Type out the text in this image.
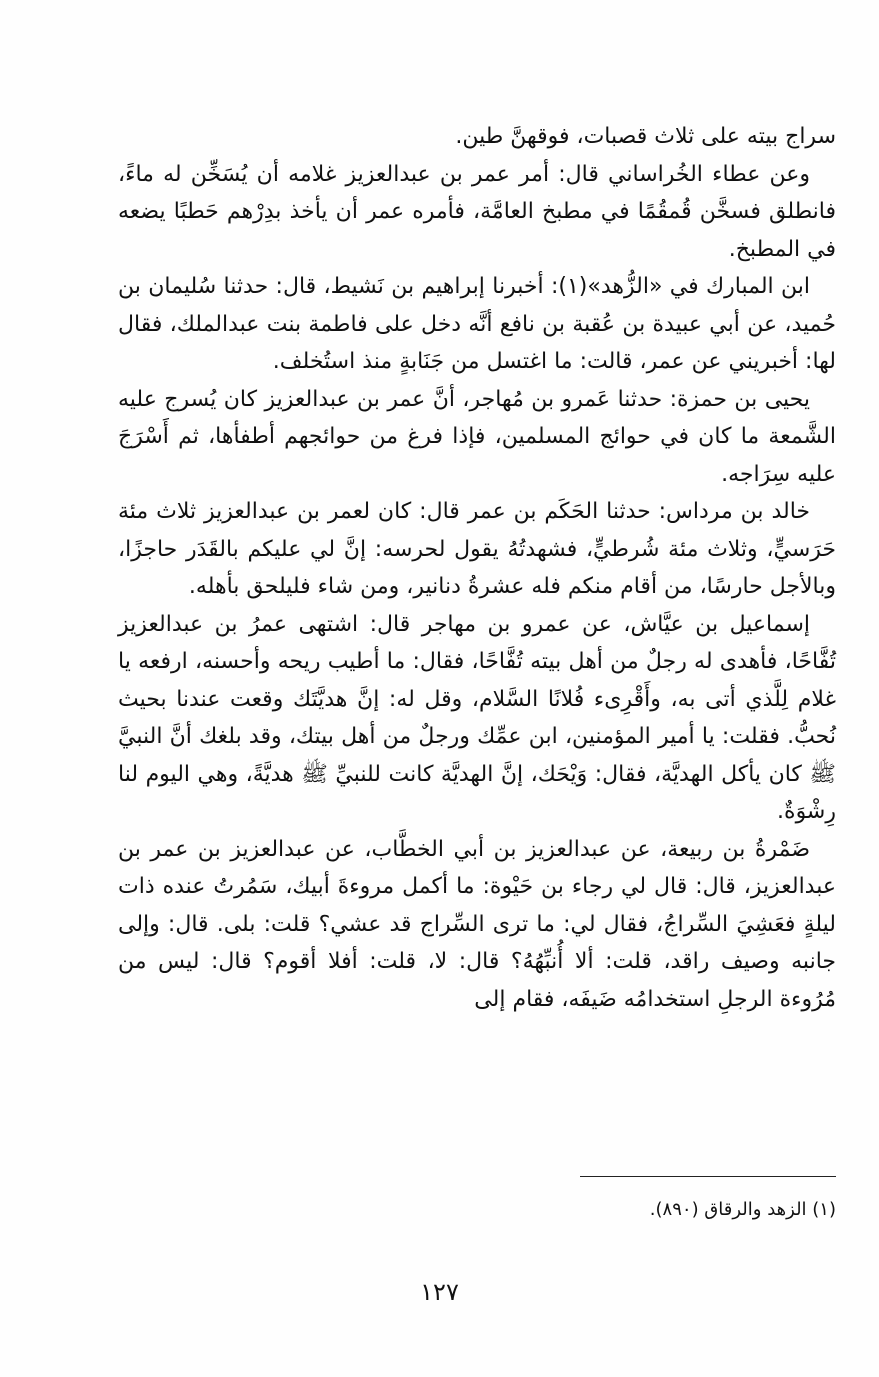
سراج بيته على ثلاث قصبات، فوقهنَّ طين.

وعن عطاء الخُراساني قال: أمر عمر بن عبدالعزيز غلامه أن يُسَخِّن له ماءً، فانطلق فسخَّن قُمقُمًا في مطبخ العامَّة، فأمره عمر أن يأخذ بدِرْهم حَطبًا يضعه في المطبخ.

ابن المبارك في «الزُّهد»(١): أخبرنا إبراهيم بن نَشيط، قال: حدثنا سُليمان بن حُميد، عن أبي عبيدة بن عُقبة بن نافع أنَّه دخل على فاطمة بنت عبدالملك، فقال لها: أخبريني عن عمر، قالت: ما اغتسل من جَنَابةٍ منذ استُخلف.

يحيى بن حمزة: حدثنا عَمرو بن مُهاجر، أنَّ عمر بن عبدالعزيز كان يُسرج عليه الشَّمعة ما كان في حوائج المسلمين، فإذا فرغ من حوائجهم أطفأها، ثم أَسْرَجَ عليه سِرَاجه.

خالد بن مرداس: حدثنا الحَكَم بن عمر قال: كان لعمر بن عبدالعزيز ثلاث مئة حَرَسيٍّ، وثلاث مئة شُرطيٍّ، فشهدتُهُ يقول لحرسه: إنَّ لي عليكم بالقَدَر حاجزًا، وبالأجل حارسًا، من أقام منكم فله عشرةُ دنانير، ومن شاء فليلحق بأهله.

إسماعيل بن عيَّاش، عن عمرو بن مهاجر قال: اشتهى عمرُ بن عبدالعزيز تُفَّاحًا، فأهدى له رجلٌ من أهل بيته تُفَّاحًا، فقال: ما أطيب ريحه وأحسنه، ارفعه يا غلام لِلَّذي أتى به، وأَقْرِىء فُلانًا السَّلام، وقل له: إنَّ هديَّتَك وقعت عندنا بحيث نُحبُّ. فقلت: يا أمير المؤمنين، ابن عمِّك ورجلٌ من أهل بيتك، وقد بلغك أنَّ النبيَّ ﷺ كان يأكل الهديَّة، فقال: وَيْحَك، إنَّ الهديَّة كانت للنبيِّ ﷺ هديَّةً، وهي اليوم لنا رِشْوَةٌ.

ضَمْرةُ بن ربيعة، عن عبدالعزيز بن أبي الخطَّاب، عن عبدالعزيز بن عمر بن عبدالعزيز، قال: قال لي رجاء بن حَيْوة: ما أكمل مروءةَ أبيك، سَمُرتُ عنده ذات ليلةٍ فعَشِيَ السِّراجُ، فقال لي: ما ترى السِّراج قد عشي؟ قلت: بلى. قال: وإلى جانبه وصيف راقد، قلت: ألا أُنبِّهُهُ؟ قال: لا، قلت: أفلا أقوم؟ قال: ليس من مُرُوءة الرجلِ استخدامُه ضَيفَه، فقام إلى

(١) الزهد والرقاق (٨٩٠).
١٢٧
